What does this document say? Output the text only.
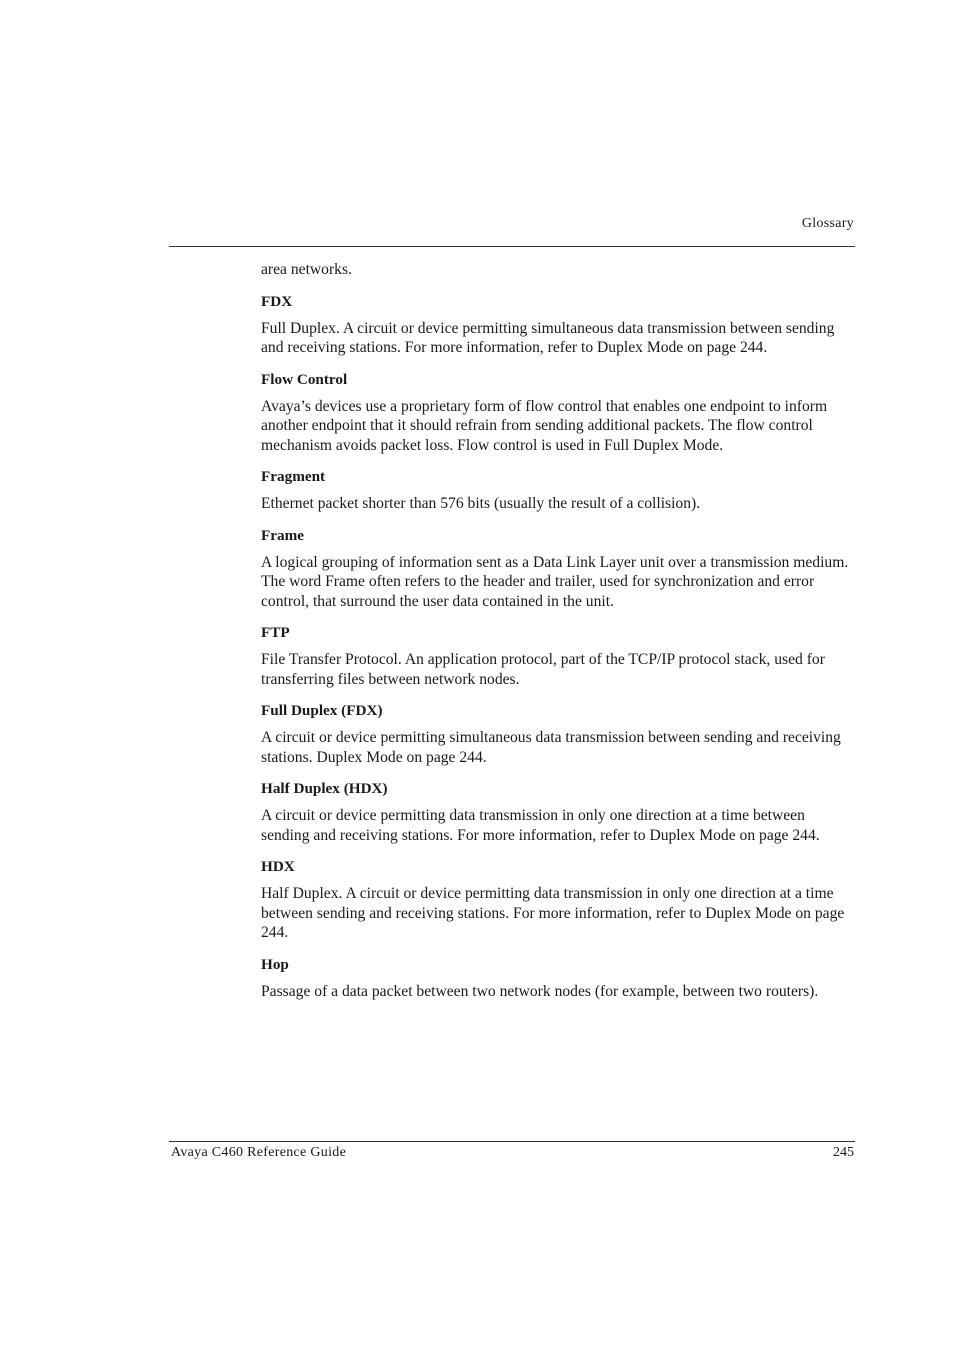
Glossary

area networks.

FDX

Full Duplex. A circuit or device permitting simultaneous data transmission between sending and receiving stations. For more information, refer to Duplex Mode on page 244.

Flow Control

Avaya’s devices use a proprietary form of flow control that enables one endpoint to inform another endpoint that it should refrain from sending additional packets. The flow control mechanism avoids packet loss. Flow control is used in Full Duplex Mode.

Fragment

Ethernet packet shorter than 576 bits (usually the result of a collision).

Frame

A logical grouping of information sent as a Data Link Layer unit over a transmission medium. The word Frame often refers to the header and trailer, used for synchronization and error control, that surround the user data contained in the unit.

FTP

File Transfer Protocol. An application protocol, part of the TCP/IP protocol stack, used for transferring files between network nodes.

Full Duplex (FDX)

A circuit or device permitting simultaneous data transmission between sending and receiving stations. Duplex Mode on page 244.

Half Duplex (HDX)

A circuit or device permitting data transmission in only one direction at a time between sending and receiving stations. For more information, refer to Duplex Mode on page 244.

HDX

Half Duplex. A circuit or device permitting data transmission in only one direction at a time between sending and receiving stations. For more information, refer to Duplex Mode on page 244.

Hop

Passage of a data packet between two network nodes (for example, between two routers).

Avaya C460 Reference Guide	245
